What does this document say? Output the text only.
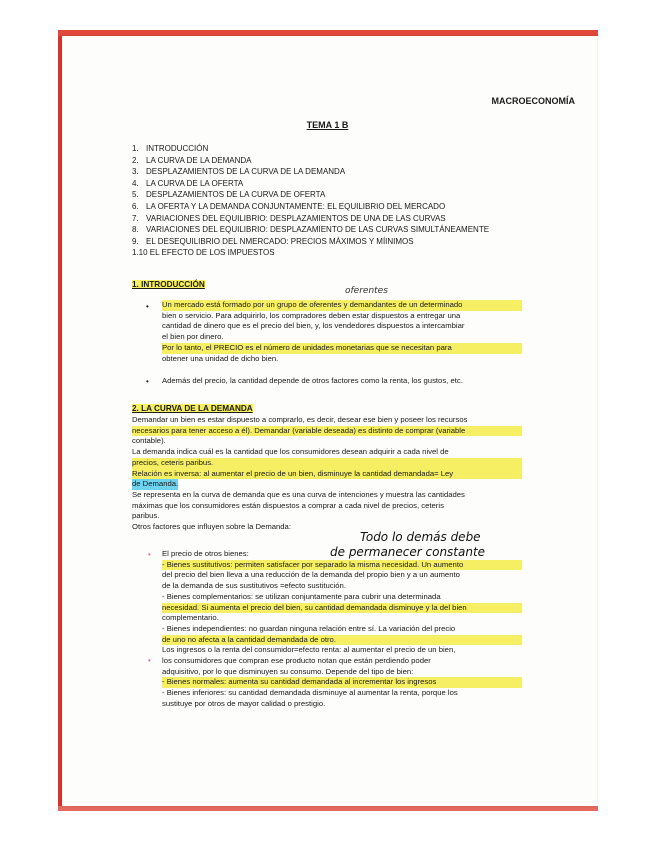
MACROECONOMÍA
TEMA 1 B
1. INTRODUCCIÓN
2. LA CURVA DE LA DEMANDA
3. DESPLAZAMIENTOS DE LA CURVA DE LA DEMANDA
4. LA CURVA DE LA OFERTA
5. DESPLAZAMIENTOS DE LA CURVA DE OFERTA
6. LA OFERTA Y LA DEMANDA CONJUNTAMENTE: EL EQUILIBRIO DEL MERCADO
7. VARIACIONES DEL EQUILIBRIO: DESPLAZAMIENTOS DE UNA DE LAS CURVAS
8. VARIACIONES DEL EQUILIBRIO: DESPLAZAMIENTO DE LAS CURVAS SIMULTÁNEAMENTE
9. EL DESEQUILIBRIO DEL NMERCADO: PRECIOS MÁXIMOS Y MÍINIMOS
1.10 EL EFECTO DE LOS IMPUESTOS
1. INTRODUCCIÓN
oferentes
• Un mercado está formado por un grupo de oferentes y demandantes de un determinado
bien o servicio. Para adquirirlo, los compradores deben estar dispuestos a entregar una
cantidad de dinero que es el precio del bien, y, los vendedores dispuestos a intercambiar
el bien por dinero.
Por lo tanto, el PRECIO es el número de unidades monetarias que se necesitan para
obtener una unidad de dicho bien.
• Además del precio, la cantidad depende de otros factores como la renta, los gustos, etc.
2. LA CURVA DE LA DEMANDA
Demandar un bien es estar dispuesto a comprarlo, es decir, desear ese bien y poseer los recursos
necesarios para tener acceso a él). Demandar (variable deseada) es distinto de comprar (variable
contable).
La demanda indica cuál es la cantidad que los consumidores desean adquirir a cada nivel de
precios, ceteris paribus.
Relación es inversa: al aumentar el precio de un bien, disminuye la cantidad demandada= Ley
de Demanda.
Se representa en la curva de demanda que es una curva de intenciones y muestra las cantidades
máximas que los consumidores están dispuestos a comprar a cada nivel de precios, ceteris
paribus.
Otros factores que influyen sobre la Demanda:
Todo lo demás debe
de permanecer constante
• El precio de otros bienes:
- Bienes sustitutivos: permiten satisfacer por separado la misma necesidad. Un aumento
del precio del bien lleva a una reducción de la demanda del propio bien y a un aumento
de la demanda de sus sustitutivos =efecto sustitución.
- Bienes complementarios: se utilizan conjuntamente para cubrir una determinada
necesidad. Si aumenta el precio del bien, su cantidad demandada disminuye y la del bien
complementario.
- Bienes independientes: no guardan ninguna relación entre sí. La variación del precio
de uno no afecta a la cantidad demandada de otro.
Los ingresos o la renta del consumidor=efecto renta: al aumentar el precio de un bien,
los consumidores que compran ese producto notan que están perdiendo poder
adquisitivo, por lo que disminuyen su consumo. Depende del tipo de bien:
- Bienes normales: aumenta su cantidad demandada al incrementar los ingresos
- Bienes inferiores: su cantidad demandada disminuye al aumentar la renta, porque los
sustituye por otros de mayor calidad o prestigio.
•
